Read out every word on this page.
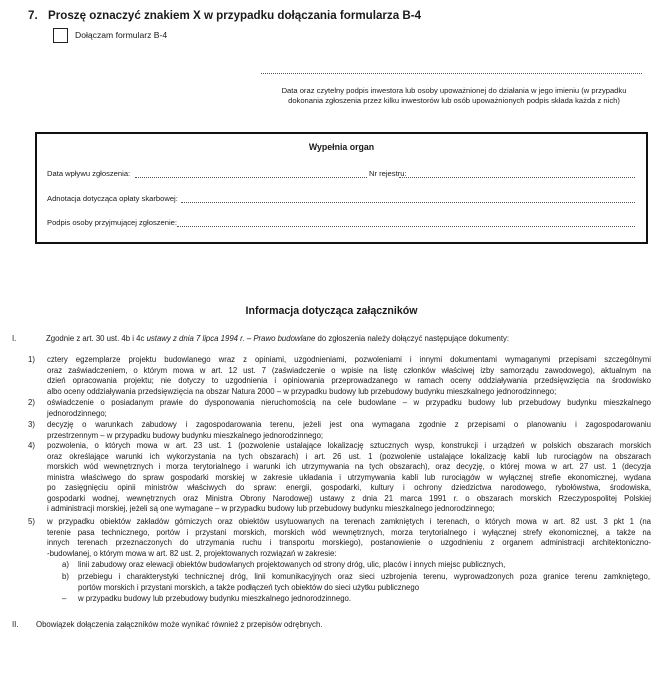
7. Proszę oznaczyć znakiem X w przypadku dołączania formularza B-4
Dołączam formularz B-4
Data oraz czytelny podpis inwestora lub osoby upoważnionej do działania w jego imieniu (w przypadku
dokonania zgłoszenia przez kilku inwestorów lub osób upoważnionych podpis składa każda z nich)
Wypełnia organ
Data wpływu zgłoszenia:	Nr rejestru:
Adnotacja dotycząca opłaty skarbowej:
Podpis osoby przyjmującej zgłoszenie:
Informacja dotycząca załączników
I.	Zgodnie z art. 30 ust. 4b i 4c ustawy z dnia 7 lipca 1994 r. – Prawo budowlane do zgłoszenia należy dołączyć następujące dokumenty:
1) cztery egzemplarze projektu budowlanego wraz z opiniami, uzgodnieniami, pozwoleniami i innymi dokumentami wymaganymi przepisami szczególnymi
oraz zaświadczeniem, o którym mowa w art. 12 ust. 7 (zaświadczenie o wpisie na listę członków właściwej izby samorządu zawodowego), aktualnym na
dzień opracowania projektu; nie dotyczy to uzgodnienia i opiniowania przeprowadzanego w ramach oceny oddziaływania przedsięwzięcia na środowisko
albo oceny oddziaływania przedsięwzięcia na obszar Natura 2000 – w przypadku budowy lub przebudowy budynku mieszkalnego jednorodzinnego;
2) oświadczenie o posiadanym prawie do dysponowania nieruchomością na cele budowlane – w przypadku budowy lub przebudowy budynku mieszkalnego
jednorodzinnego;
3) decyzję o warunkach zabudowy i zagospodarowania terenu, jeżeli jest ona wymagana zgodnie z przepisami o planowaniu i zagospodarowaniu
przestrzennym – w przypadku budowy budynku mieszkalnego jednorodzinnego;
4) pozwolenia, o których mowa w art. 23 ust. 1 (pozwolenie ustalające lokalizację sztucznych wysp, konstrukcji i urządzeń w polskich obszarach morskich
oraz określające warunki ich wykorzystania na tych obszarach) i art. 26 ust. 1 (pozwolenie ustalające lokalizację kabli lub rurociągów na obszarach
morskich wód wewnętrznych i morza terytorialnego i warunki ich utrzymywania na tych obszarach), oraz decyzję, o której mowa w art. 27 ust. 1 (decyzja
ministra właściwego do spraw gospodarki morskiej w zakresie układania i utrzymywania kabli lub rurociągów w wyłącznej strefie ekonomicznej, wydana
po zasięgnięciu opinii ministrów właściwych do spraw: energii, gospodarki, kultury i ochrony dziedzictwa narodowego, rybołówstwa, środowiska,
gospodarki wodnej, wewnętrznych oraz Ministra Obrony Narodowej) ustawy z dnia 21 marca 1991 r. o obszarach morskich Rzeczypospolitej Polskiej
i administracji morskiej, jeżeli są one wymagane – w przypadku budowy lub przebudowy budynku mieszkalnego jednorodzinnego;
5) w przypadku obiektów zakładów górniczych oraz obiektów usytuowanych na terenach zamkniętych i terenach, o których mowa w art. 82 ust. 3 pkt 1 (na
terenie pasa technicznego, portów i przystani morskich, morskich wód wewnętrznych, morza terytorialnego i wyłącznej strefy ekonomicznej, a także na
innych terenach przeznaczonych do utrzymania ruchu i transportu morskiego), postanowienie o uzgodnieniu z organem administracji architektoniczno-
-budowlanej, o którym mowa w art. 82 ust. 2, projektowanych rozwiązań w zakresie:
a) linii zabudowy oraz elewacji obiektów budowlanych projektowanych od strony dróg, ulic, placów i innych miejsc publicznych,
b) przebiegu i charakterystyki technicznej dróg, linii komunikacyjnych oraz sieci uzbrojenia terenu, wyprowadzonych poza granice terenu zamkniętego,
portów morskich i przystani morskich, a także podłączeń tych obiektów do sieci użytku publicznego
– w przypadku budowy lub przebudowy budynku mieszkalnego jednorodzinnego.
II. Obowiązek dołączenia załączników może wynikać również z przepisów odrębnych.
